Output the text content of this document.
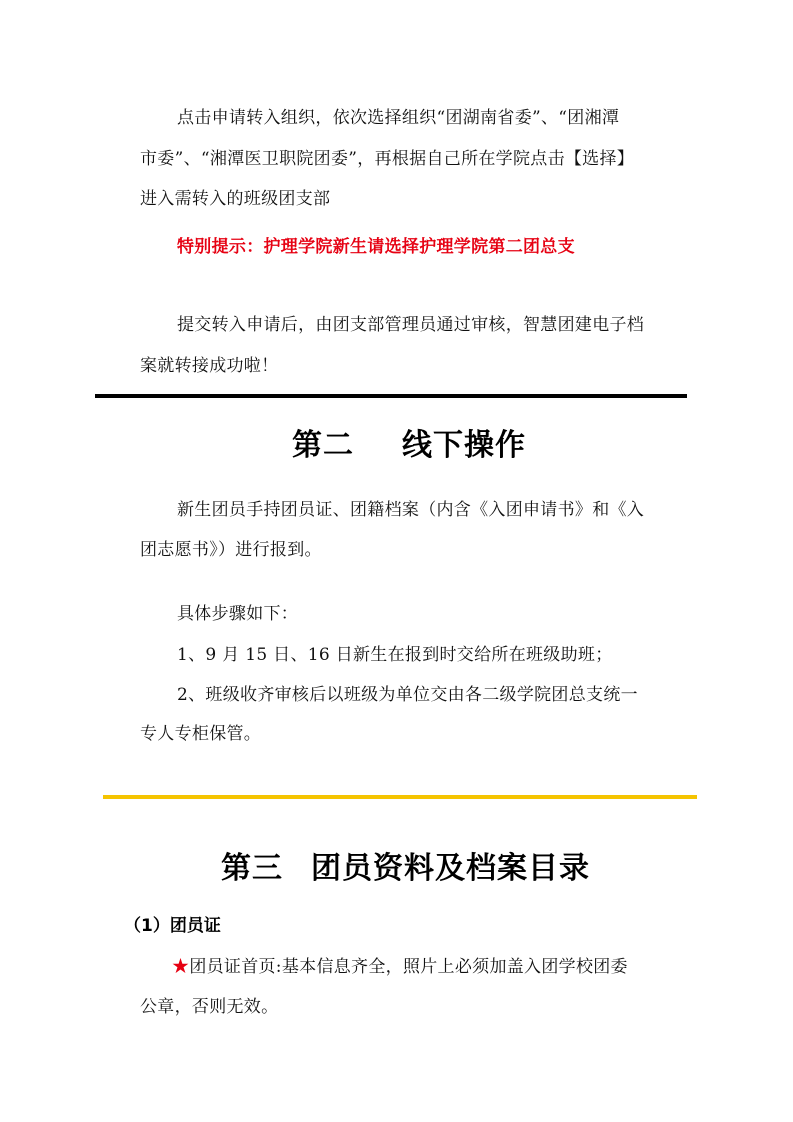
点击申请转入组织，依次选择组织“团湖南省委”、“团湘潭
市委”、“湘潭医卫职院团委”，再根据自己所在学院点击【选择】
进入需转入的班级团支部
特别提示：护理学院新生请选择护理学院第二团总支
提交转入申请后，由团支部管理员通过审核，智慧团建电子档
案就转接成功啦！
第二 线下操作
新生团员手持团员证、团籍档案（内含《入团申请书》和《入
团志愿书》）进行报到。
具体步骤如下：
1、9 月 15 日、16 日新生在报到时交给所在班级助班；
2、班级收齐审核后以班级为单位交由各二级学院团总支统一
专人专柜保管。
第三 团员资料及档案目录
（1）团员证
★团员证首页:基本信息齐全，照片上必须加盖入团学校团委
公章，否则无效。
